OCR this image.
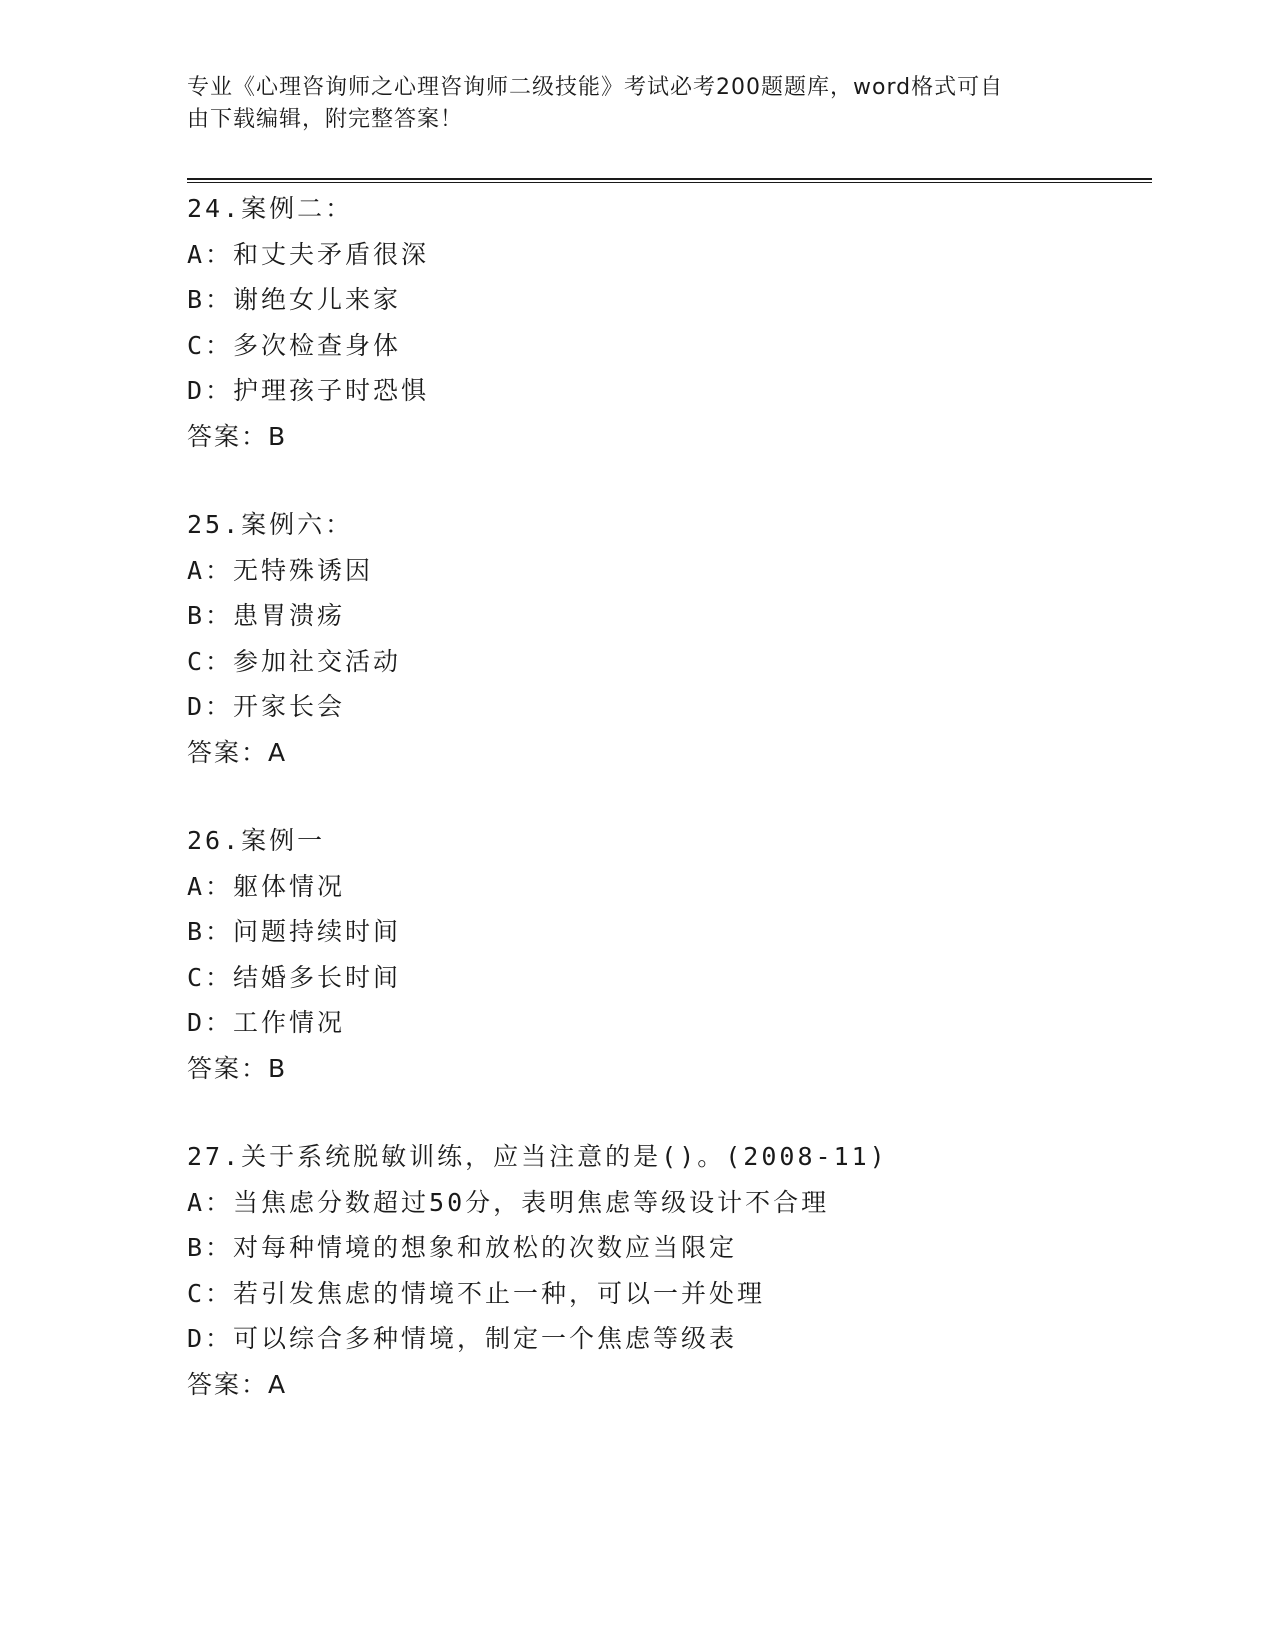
专业《心理咨询师之心理咨询师二级技能》考试必考200题题库，word格式可自
由下载编辑，附完整答案！
24.案例二：
A：和丈夫矛盾很深
B：谢绝女儿来家
C：多次检查身体
D：护理孩子时恐惧
答案：B
25.案例六：
A：无特殊诱因
B：患胃溃疡
C：参加社交活动
D：开家长会
答案：A
26.案例一
A：躯体情况
B：问题持续时间
C：结婚多长时间
D：工作情况
答案：B
27.关于系统脱敏训练，应当注意的是()。(2008-11)
A：当焦虑分数超过50分，表明焦虑等级设计不合理
B：对每种情境的想象和放松的次数应当限定
C：若引发焦虑的情境不止一种，可以一并处理
D：可以综合多种情境，制定一个焦虑等级表
答案：A
